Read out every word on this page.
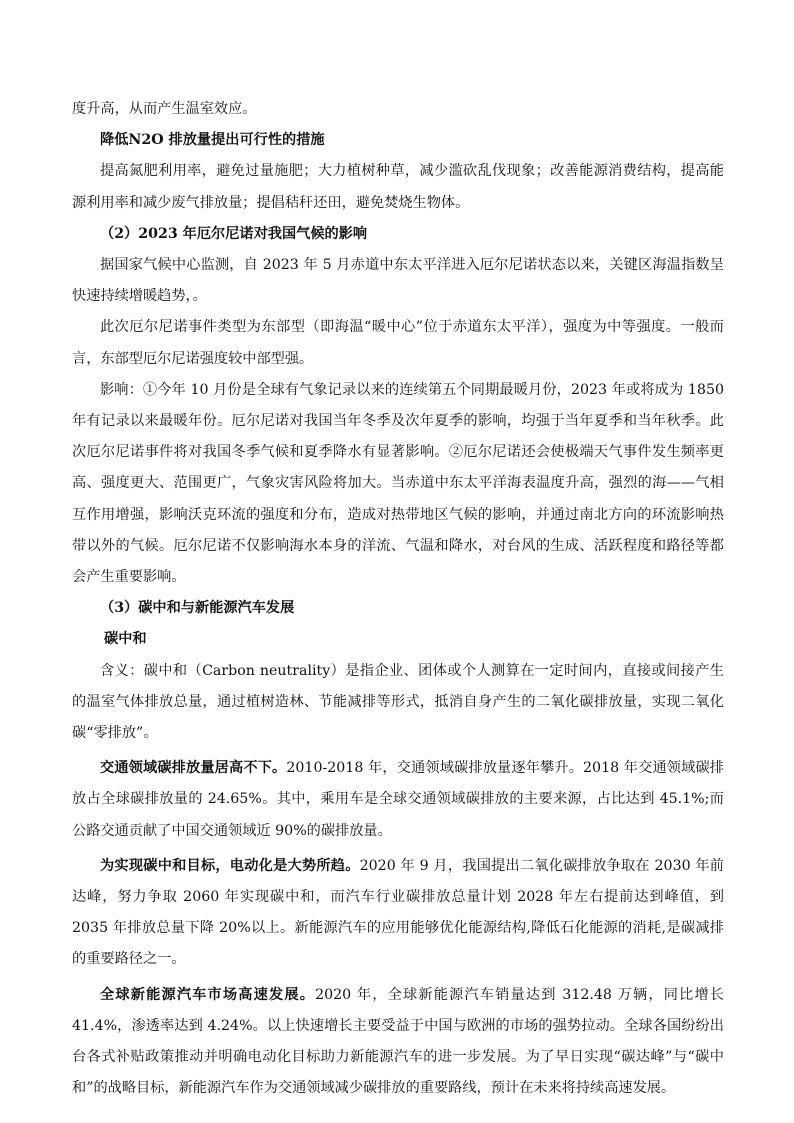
度升高，从而产生温室效应。

降低N2O 排放量提出可行性的措施

提高氮肥利用率，避免过量施肥；大力植树种草，减少滥砍乱伐现象；改善能源消费结构，提高能源利用率和减少废气排放量；提倡秸秆还田，避免焚烧生物体。

（2）2023 年厄尔尼诺对我国气候的影响

据国家气候中心监测，自 2023 年 5 月赤道中东太平洋进入厄尔尼诺状态以来，关键区海温指数呈快速持续增暖趋势，。

此次厄尔尼诺事件类型为东部型（即海温“暖中心”位于赤道东太平洋），强度为中等强度。一般而言，东部型厄尔尼诺强度较中部型强。

影响：①今年 10 月份是全球有气象记录以来的连续第五个同期最暖月份，2023 年或将成为 1850 年有记录以来最暖年份。厄尔尼诺对我国当年冬季及次年夏季的影响，均强于当年夏季和当年秋季。此次厄尔尼诺事件将对我国冬季气候和夏季降水有显著影响。②厄尔尼诺还会使极端天气事件发生频率更高、强度更大、范围更广，气象灾害风险将加大。当赤道中东太平洋海表温度升高，强烈的海——气相互作用增强，影响沃克环流的强度和分布，造成对热带地区气候的影响，并通过南北方向的环流影响热带以外的气候。厄尔尼诺不仅影响海水本身的洋流、气温和降水，对台风的生成、活跃程度和路径等都会产生重要影响。

（3）碳中和与新能源汽车发展

碳中和

含义：碳中和（Carbon neutrality）是指企业、团体或个人测算在一定时间内，直接或间接产生的温室气体排放总量，通过植树造林、节能减排等形式，抵消自身产生的二氧化碳排放量，实现二氧化碳“零排放”。

交通领域碳排放量居高不下。2010-2018 年，交通领域碳排放量逐年攀升。2018 年交通领域碳排放占全球碳排放量的 24.65%。其中，乘用车是全球交通领域碳排放的主要来源，占比达到 45.1%;而公路交通贡献了中国交通领域近 90%的碳排放量。

为实现碳中和目标，电动化是大势所趋。2020 年 9 月，我国提出二氧化碳排放争取在 2030 年前达峰，努力争取 2060 年实现碳中和，而汽车行业碳排放总量计划 2028 年左右提前达到峰值，到 2035 年排放总量下降 20%以上。新能源汽车的应用能够优化能源结构,降低石化能源的消耗,是碳减排的重要路径之一。

全球新能源汽车市场高速发展。2020 年，全球新能源汽车销量达到 312.48 万辆，同比增长 41.4%，渗透率达到 4.24%。以上快速增长主要受益于中国与欧洲的市场的强势拉动。全球各国纷纷出台各式补贴政策推动并明确电动化目标助力新能源汽车的进一步发展。为了早日实现“碳达峰”与“碳中和”的战略目标，新能源汽车作为交通领域减少碳排放的重要路线，预计在未来将持续高速发展。
